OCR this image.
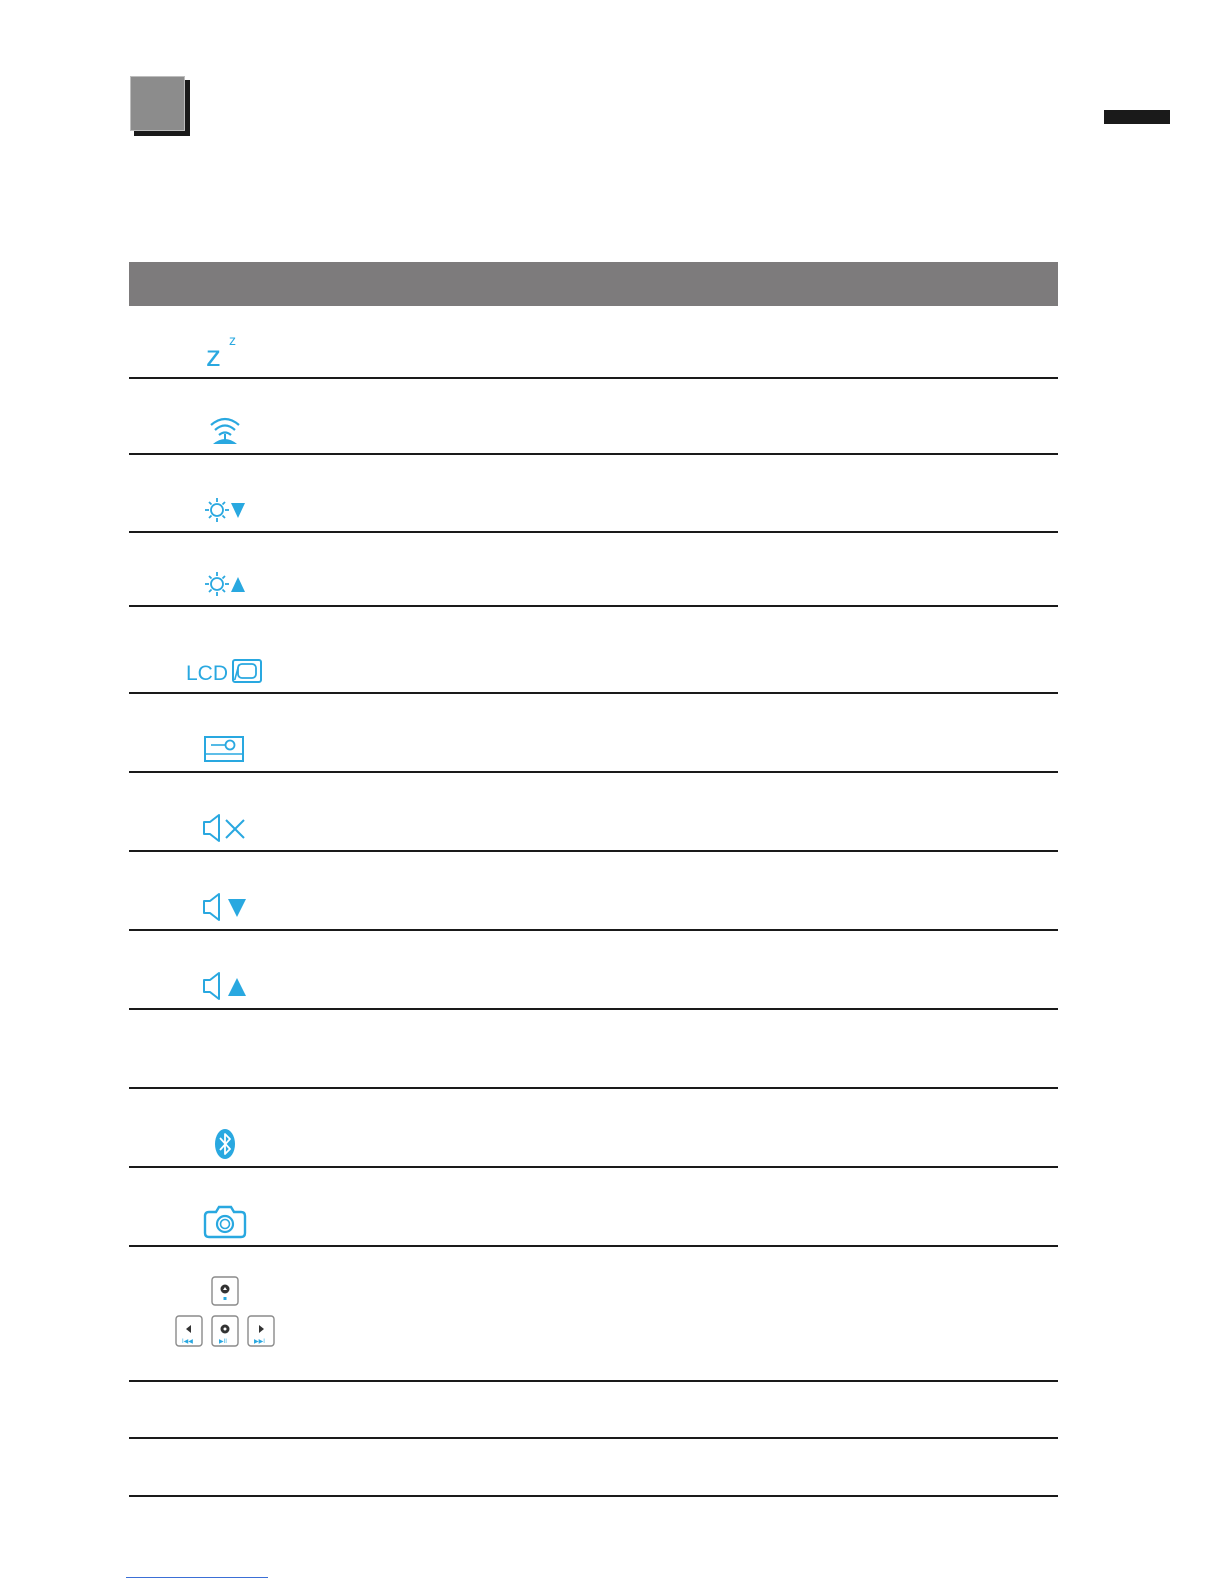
z z
LCD /
I◀◀	▶II	▶▶I
